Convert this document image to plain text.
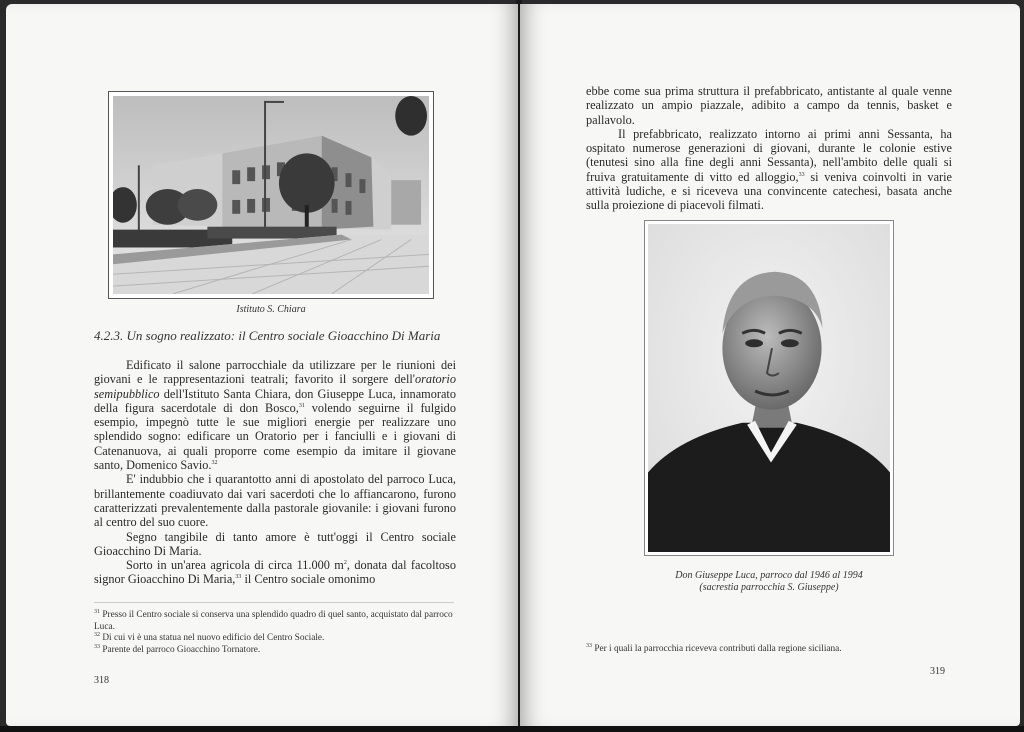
Istituto S. Chiara
4.2.3. Un sogno realizzato: il Centro sociale Gioacchino Di Maria

Edificato il salone parrocchiale da utilizzare per le riunioni dei giovani e le rappresentazioni teatrali; favorito il sorgere dell'oratorio semipubblico dell'Istituto Santa Chiara, don Giuseppe Luca, innamorato della figura sacerdotale di don Bosco,$^{31}$ volendo seguirne il fulgido esempio, impegnò tutte le sue migliori energie per realizzare uno splendido sogno: edificare un Oratorio per i fanciulli e i giovani di Catenanuova, ai quali proporre come esempio da imitare il giovane santo, Domenico Savio.$^{32}$

E' indubbio che i quarantotto anni di apostolato del parroco Luca, brillantemente coadiuvato dai vari sacerdoti che lo affiancarono, furono caratterizzati prevalentemente dalla pastorale giovanile: i giovani furono al centro del suo cuore.

Segno tangibile di tanto amore è tutt'oggi il Centro sociale Gioacchino Di Maria.

Sorto in un'area agricola di circa 11.000 $m^2$, donata dal facoltoso signor Gioacchino Di Maria,$^{33}$ il Centro sociale omonimo

$^{31}$ Presso il Centro sociale si conserva una splendido quadro di quel santo, acquistato dal parroco Luca.
$^{32}$ Di cui vi è una statua nel nuovo edificio del Centro Sociale.
$^{33}$ Parente del parroco Gioacchino Tornatore.
318

ebbe come sua prima struttura il prefabbricato, antistante al quale venne realizzato un ampio piazzale, adibito a campo da tennis, basket e pallavolo.

Il prefabbricato, realizzato intorno ai primi anni Sessanta, ha ospitato numerose generazioni di giovani, durante le colonie estive (tenutesi sino alla fine degli anni Sessanta), nell'ambito delle quali si fruiva gratuitamente di vitto ed alloggio,$^{33}$ si veniva coinvolti in varie attività ludiche, e si riceveva una convincente catechesi, basata anche sulla proiezione di piacevoli filmati.

Don Giuseppe Luca, parroco dal 1946 al 1994
(sacrestia parrocchia S. Giuseppe)
$^{33}$ Per i quali la parrocchia riceveva contributi dalla regione siciliana.
319
